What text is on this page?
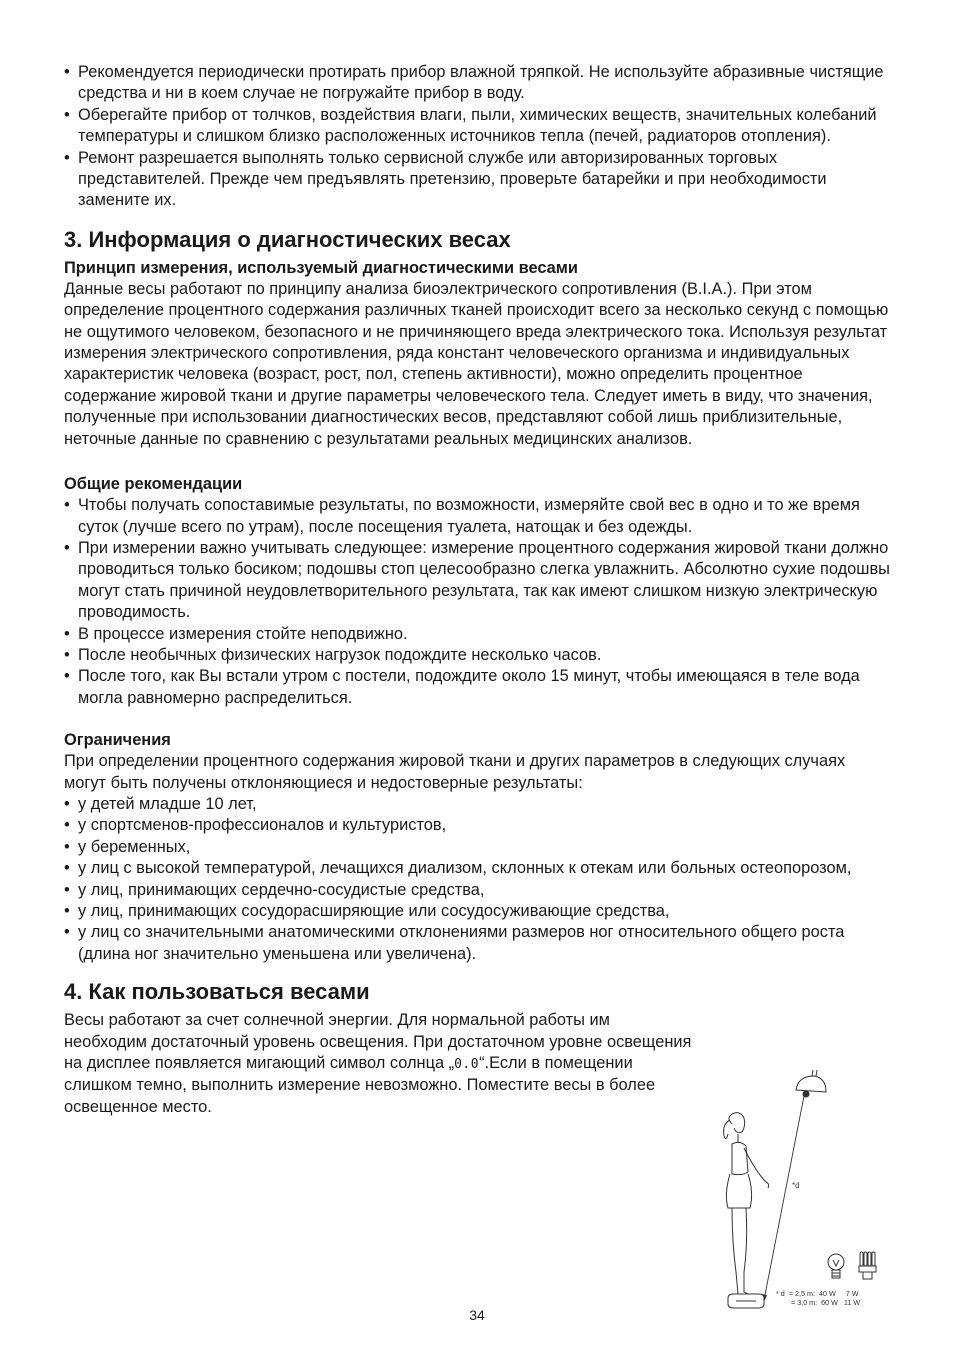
• Рекомендуется периодически протирать прибор влажной тряпкой. Не используйте абразивные чистящие средства и ни в коем случае не погружайте прибор в воду.

• Оберегайте прибор от толчков, воздействия влаги, пыли, химических веществ, значительных колебаний температуры и слишком близко расположенных источников тепла (печей, радиаторов отопления).

• Ремонт разрешается выполнять только сервисной службе или авторизированных торговых представителей. Прежде чем предъявлять претензию, проверьте батарейки и при необходимости замените их.

3. Информация о диагностических весах
Принцип измерения, используемый диагностическими весами

Данные весы работают по принципу анализа биоэлектрического сопротивления (B.I.A.). При этом определение процентного содержания различных тканей происходит всего за несколько секунд с помощью не ощутимого человеком, безопасного и не причиняющего вреда электрического тока. Используя результат измерения электрического сопротивления, ряда констант человеческого организма и индивидуальных характеристик человека (возраст, рост, пол, степень активности), можно определить процентное содержание жировой ткани и другие параметры человеческого тела. Следует иметь в виду, что значения, полученные при использовании диагностических весов, представляют собой лишь приблизительные, неточные данные по сравнению с результатами реальных медицинских анализов.

Общие рекомендации

• Чтобы получать сопоставимые результаты, по возможности, измеряйте свой вес в одно и то же время суток (лучше всего по утрам), после посещения туалета, натощак и без одежды.

• При измерении важно учитывать следующее: измерение процентного содержания жировой ткани должно проводиться только босиком; подошвы стоп целесообразно слегка увлажнить. Абсолютно сухие подошвы могут стать причиной неудовлетворительного результата, так как имеют слишком низкую электрическую проводимость.

• В процессе измерения стойте неподвижно.

• После необычных физических нагрузок подождите несколько часов.

• После того, как Вы встали утром с постели, подождите около 15 минут, чтобы имеющаяся в теле вода могла равномерно распределиться.

Ограничения

При определении процентного содержания жировой ткани и других параметров в следующих случаях могут быть получены отклоняющиеся и недостоверные результаты:

• у детей младше 10 лет,

• у спортсменов-профессионалов и культуристов,

• у беременных,

• у лиц с высокой температурой, лечащихся диализом, склонных к отекам или больных остеопорозом,

• у лиц, принимающих сердечно-сосудистые средства,

• у лиц, принимающих сосудорасширяющие или сосудосуживающие средства,

• у лиц со значительными анатомическими отклонениями размеров ног относительного общего роста (длина ног значительно уменьшена или увеличена).

4. Как пользоваться весами

Весы работают за счет солнечной энергии. Для нормальной работы им необходим достаточный уровень освещения. При достаточном уровне освещения на дисплее появляется мигающий символ солнца „0.0“.Если в помещении слишком темно, выполнить измерение невозможно. Поместите весы в более освещенное место.

*d
* d  = 2,5 m:  40 W     7 W
= 3,0 m:  60 W   11 W
34
